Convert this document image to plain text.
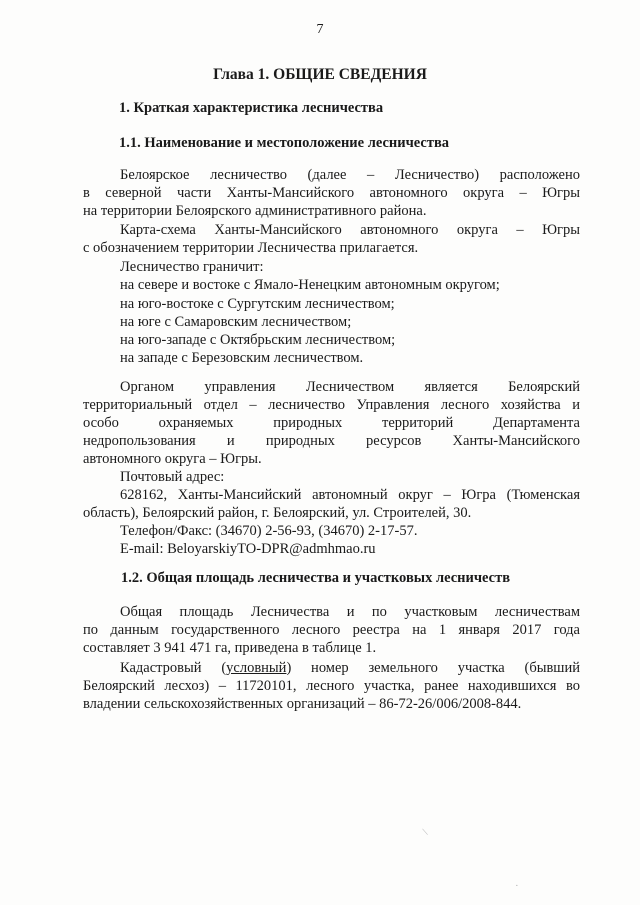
7
Глава 1. ОБЩИЕ СВЕДЕНИЯ
1. Краткая характеристика лесничества
1.1. Наименование и местоположение лесничества
Белоярское лесничество (далее – Лесничество) расположено
в северной части Ханты-Мансийского автономного округа – Югры
на территории Белоярского административного района.
Карта-схема Ханты-Мансийского автономного округа – Югры
с обозначением территории Лесничества прилагается.
Лесничество граничит:
на севере и востоке с Ямало-Ненецким автономным округом;
на юго-востоке с Сургутским лесничеством;
на юге с Самаровским лесничеством;
на юго-западе с Октябрьским лесничеством;
на западе с Березовским лесничеством.
Органом управления Лесничеством является Белоярский
территориальный отдел – лесничество Управления лесного хозяйства и
особо охраняемых природных территорий Департамента
недропользования и природных ресурсов Ханты-Мансийского
автономного округа – Югры.
Почтовый адрес:
628162, Ханты-Мансийский автономный округ – Югра (Тюменская
область), Белоярский район, г. Белоярский, ул. Строителей, 30.
Телефон/Факс: (34670) 2-56-93, (34670) 2-17-57.
E-mail: BeloyarskiyTO-DPR@admhmao.ru
1.2. Общая площадь лесничества и участковых лесничеств
Общая площадь Лесничества и по участковым лесничествам
по данным государственного лесного реестра на 1 января 2017 года
составляет 3 941 471 га, приведена в таблице 1.
Кадастровый (условный) номер земельного участка (бывший
Белоярский лесхоз) – 11720101, лесного участка, ранее находившихся во
владении сельскохозяйственных организаций – 86-72-26/006/2008-844.
/
·
